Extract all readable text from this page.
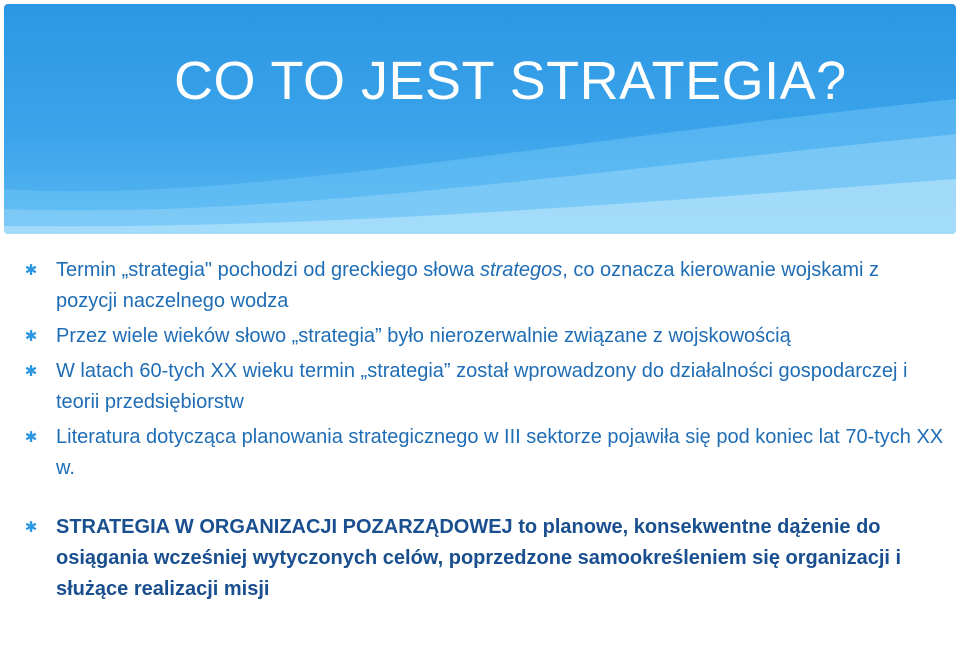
CO TO JEST STRATEGIA?
✱ Termin „strategia" pochodzi od greckiego słowa strategos, co oznacza kierowanie wojskami z pozycji naczelnego wodza
✱ Przez wiele wieków słowo „strategia” było nierozerwalnie związane z wojskowością
✱ W latach 60-tych XX wieku termin „strategia” został wprowadzony do działalności gospodarczej i teorii przedsiębiorstw
✱ Literatura dotycząca planowania strategicznego w III sektorze pojawiła się pod koniec lat 70-tych XX w.
✱ STRATEGIA W ORGANIZACJI POZARZĄDOWEJ to planowe, konsekwentne dążenie do osiągania wcześniej wytyczonych celów, poprzedzone samookreśleniem się organizacji i służące realizacji misji
